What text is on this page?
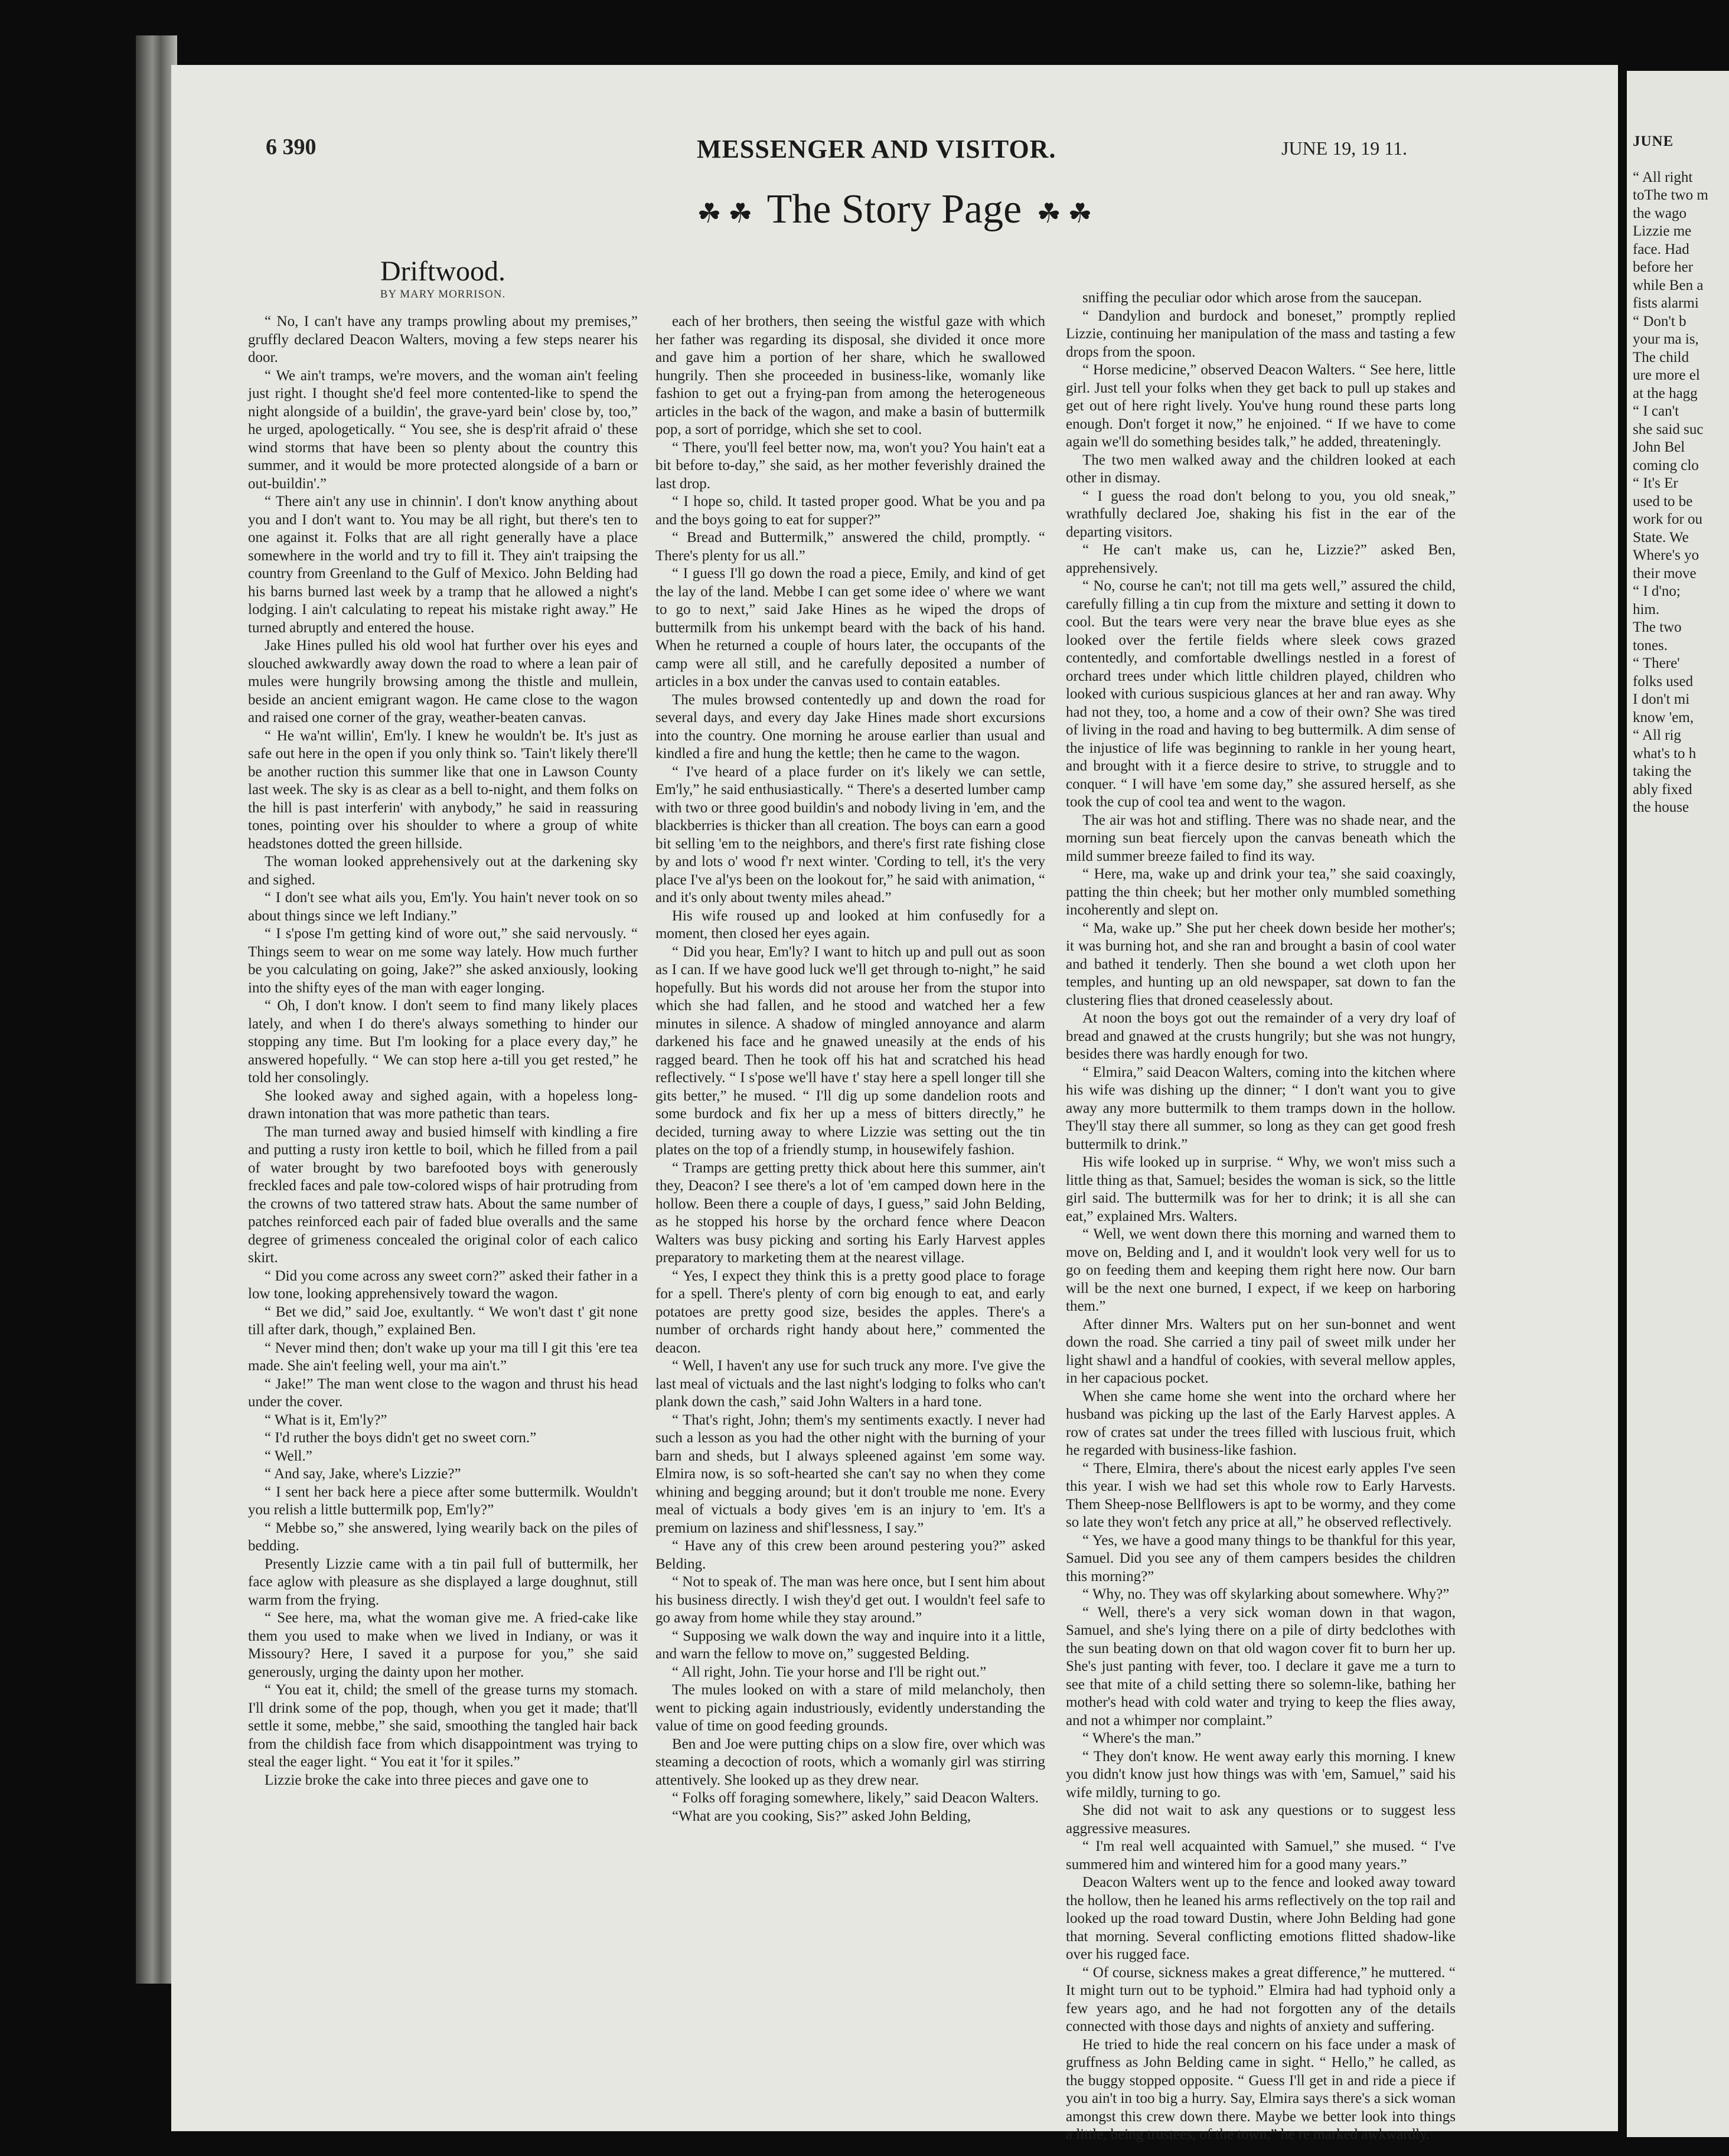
6 390	MESSENGER AND VISITOR.	JUNE 19, 19 11.
☘ ☘ The Story Page ☘ ☘
Driftwood.
BY MARY MORRISON.

“ No, I can't have any tramps prowling about my premises,” gruffly declared Deacon Walters, moving a few steps nearer his door.

“ We ain't tramps, we're movers, and the woman ain't feeling just right. I thought she'd feel more contented-like to spend the night alongside of a buildin', the grave-yard bein' close by, too,” he urged, apologetically. “ You see, she is desp'rit afraid o' these wind storms that have been so plenty about the country this summer, and it would be more protected alongside of a barn or out-buildin'.”

“ There ain't any use in chinnin'. I don't know anything about you and I don't want to. You may be all right, but there's ten to one against it. Folks that are all right generally have a place somewhere in the world and try to fill it. They ain't traipsing the country from Greenland to the Gulf of Mexico. John Belding had his barns burned last week by a tramp that he allowed a night's lodging. I ain't calculating to repeat his mistake right away.” He turned abruptly and entered the house.

Jake Hines pulled his old wool hat further over his eyes and slouched awkwardly away down the road to where a lean pair of mules were hungrily browsing among the thistle and mullein, beside an ancient emigrant wagon. He came close to the wagon and raised one corner of the gray, weather-beaten canvas.

“ He wa'nt willin', Em'ly. I knew he wouldn't be. It's just as safe out here in the open if you only think so. 'Tain't likely there'll be another ruction this summer like that one in Lawson County last week. The sky is as clear as a bell to-night, and them folks on the hill is past interferin' with anybody,” he said in reassuring tones, pointing over his shoulder to where a group of white headstones dotted the green hillside.

The woman looked apprehensively out at the darkening sky and sighed.

“ I don't see what ails you, Em'ly. You hain't never took on so about things since we left Indiany.”

“ I s'pose I'm getting kind of wore out,” she said nervously. “ Things seem to wear on me some way lately. How much further be you calculating on going, Jake?” she asked anxiously, looking into the shifty eyes of the man with eager longing.

“ Oh, I don't know. I don't seem to find many likely places lately, and when I do there's always something to hinder our stopping any time. But I'm looking for a place every day,” he answered hopefully. “ We can stop here a-till you get rested,” he told her consolingly.

She looked away and sighed again, with a hopeless long-drawn intonation that was more pathetic than tears.

The man turned away and busied himself with kindling a fire and putting a rusty iron kettle to boil, which he filled from a pail of water brought by two barefooted boys with generously freckled faces and pale tow-colored wisps of hair protruding from the crowns of two tattered straw hats. About the same number of patches reinforced each pair of faded blue overalls and the same degree of grimeness concealed the original color of each calico skirt.

“ Did you come across any sweet corn?” asked their father in a low tone, looking apprehensively toward the wagon.

“ Bet we did,” said Joe, exultantly. “ We won't dast t' git none till after dark, though,” explained Ben.

“ Never mind then; don't wake up your ma till I git this 'ere tea made. She ain't feeling well, your ma ain't.”

“ Jake!” The man went close to the wagon and thrust his head under the cover.

“ What is it, Em'ly?”

“ I'd ruther the boys didn't get no sweet corn.”

“ Well.”

“ And say, Jake, where's Lizzie?”

“ I sent her back here a piece after some buttermilk. Wouldn't you relish a little buttermilk pop, Em'ly?”

“ Mebbe so,” she answered, lying wearily back on the piles of bedding.

Presently Lizzie came with a tin pail full of buttermilk, her face aglow with pleasure as she displayed a large doughnut, still warm from the frying.

“ See here, ma, what the woman give me. A fried-cake like them you used to make when we lived in Indiany, or was it Missoury? Here, I saved it a purpose for you,” she said generously, urging the dainty upon her mother.

“ You eat it, child; the smell of the grease turns my stomach. I'll drink some of the pop, though, when you get it made; that'll settle it some, mebbe,” she said, smoothing the tangled hair back from the childish face from which disappointment was trying to steal the eager light. “ You eat it 'for it spiles.”

Lizzie broke the cake into three pieces and gave one to

each of her brothers, then seeing the wistful gaze with which her father was regarding its disposal, she divided it once more and gave him a portion of her share, which he swallowed hungrily. Then she proceeded in business-like, womanly like fashion to get out a frying-pan from among the heterogeneous articles in the back of the wagon, and make a basin of buttermilk pop, a sort of porridge, which she set to cool.

“ There, you'll feel better now, ma, won't you? You hain't eat a bit before to-day,” she said, as her mother feverishly drained the last drop.

“ I hope so, child. It tasted proper good. What be you and pa and the boys going to eat for supper?”

“ Bread and Buttermilk,” answered the child, promptly. “ There's plenty for us all.”

“ I guess I'll go down the road a piece, Emily, and kind of get the lay of the land. Mebbe I can get some idee o' where we want to go to next,” said Jake Hines as he wiped the drops of buttermilk from his unkempt beard with the back of his hand. When he returned a couple of hours later, the occupants of the camp were all still, and he carefully deposited a number of articles in a box under the canvas used to contain eatables.

The mules browsed contentedly up and down the road for several days, and every day Jake Hines made short excursions into the country. One morning he arouse earlier than usual and kindled a fire and hung the kettle; then he came to the wagon.

“ I've heard of a place furder on it's likely we can settle, Em'ly,” he said enthusiastically. “ There's a deserted lumber camp with two or three good buildin's and nobody living in 'em, and the blackberries is thicker than all creation. The boys can earn a good bit selling 'em to the neighbors, and there's first rate fishing close by and lots o' wood f'r next winter. 'Cording to tell, it's the very place I've al'ys been on the lookout for,” he said with animation, “ and it's only about twenty miles ahead.”

His wife roused up and looked at him confusedly for a moment, then closed her eyes again.

“ Did you hear, Em'ly? I want to hitch up and pull out as soon as I can. If we have good luck we'll get through to-night,” he said hopefully. But his words did not arouse her from the stupor into which she had fallen, and he stood and watched her a few minutes in silence. A shadow of mingled annoyance and alarm darkened his face and he gnawed uneasily at the ends of his ragged beard. Then he took off his hat and scratched his head reflectively. “ I s'pose we'll have t' stay here a spell longer till she gits better,” he mused. “ I'll dig up some dandelion roots and some burdock and fix her up a mess of bitters directly,” he decided, turning away to where Lizzie was setting out the tin plates on the top of a friendly stump, in housewifely fashion.

“ Tramps are getting pretty thick about here this summer, ain't they, Deacon? I see there's a lot of 'em camped down here in the hollow. Been there a couple of days, I guess,” said John Belding, as he stopped his horse by the orchard fence where Deacon Walters was busy picking and sorting his Early Harvest apples preparatory to marketing them at the nearest village.

“ Yes, I expect they think this is a pretty good place to forage for a spell. There's plenty of corn big enough to eat, and early potatoes are pretty good size, besides the apples. There's a number of orchards right handy about here,” commented the deacon.

“ Well, I haven't any use for such truck any more. I've give the last meal of victuals and the last night's lodging to folks who can't plank down the cash,” said John Walters in a hard tone.

“ That's right, John; them's my sentiments exactly. I never had such a lesson as you had the other night with the burning of your barn and sheds, but I always spleened against 'em some way. Elmira now, is so soft-hearted she can't say no when they come whining and begging around; but it don't trouble me none. Every meal of victuals a body gives 'em is an injury to 'em. It's a premium on laziness and shif'lessness, I say.”

“ Have any of this crew been around pestering you?” asked Belding.

“ Not to speak of. The man was here once, but I sent him about his business directly. I wish they'd get out. I wouldn't feel safe to go away from home while they stay around.”

“ Supposing we walk down the way and inquire into it a little, and warn the fellow to move on,” suggested Belding.

“ All right, John. Tie your horse and I'll be right out.”

The mules looked on with a stare of mild melancholy, then went to picking again industriously, evidently understanding the value of time on good feeding grounds.

Ben and Joe were putting chips on a slow fire, over which was steaming a decoction of roots, which a womanly girl was stirring attentively. She looked up as they drew near.

“ Folks off foraging somewhere, likely,” said Deacon Walters.

“What are you cooking, Sis?” asked John Belding,

sniffing the peculiar odor which arose from the saucepan.

“ Dandylion and burdock and boneset,” promptly replied Lizzie, continuing her manipulation of the mass and tasting a few drops from the spoon.

“ Horse medicine,” observed Deacon Walters. “ See here, little girl. Just tell your folks when they get back to pull up stakes and get out of here right lively. You've hung round these parts long enough. Don't forget it now,” he enjoined. “ If we have to come again we'll do something besides talk,” he added, threateningly.

The two men walked away and the children looked at each other in dismay.

“ I guess the road don't belong to you, you old sneak,” wrathfully declared Joe, shaking his fist in the ear of the departing visitors.

“ He can't make us, can he, Lizzie?” asked Ben, apprehensively.

“ No, course he can't; not till ma gets well,” assured the child, carefully filling a tin cup from the mixture and setting it down to cool. But the tears were very near the brave blue eyes as she looked over the fertile fields where sleek cows grazed contentedly, and comfortable dwellings nestled in a forest of orchard trees under which little children played, children who looked with curious suspicious glances at her and ran away. Why had not they, too, a home and a cow of their own? She was tired of living in the road and having to beg buttermilk. A dim sense of the injustice of life was beginning to rankle in her young heart, and brought with it a fierce desire to strive, to struggle and to conquer. “ I will have 'em some day,” she assured herself, as she took the cup of cool tea and went to the wagon.

The air was hot and stifling. There was no shade near, and the morning sun beat fiercely upon the canvas beneath which the mild summer breeze failed to find its way.

“ Here, ma, wake up and drink your tea,” she said coaxingly, patting the thin cheek; but her mother only mumbled something incoherently and slept on.

“ Ma, wake up.” She put her cheek down beside her mother's; it was burning hot, and she ran and brought a basin of cool water and bathed it tenderly. Then she bound a wet cloth upon her temples, and hunting up an old newspaper, sat down to fan the clustering flies that droned ceaselessly about.

At noon the boys got out the remainder of a very dry loaf of bread and gnawed at the crusts hungrily; but she was not hungry, besides there was hardly enough for two.

“ Elmira,” said Deacon Walters, coming into the kitchen where his wife was dishing up the dinner; “ I don't want you to give away any more buttermilk to them tramps down in the hollow. They'll stay there all summer, so long as they can get good fresh buttermilk to drink.”

His wife looked up in surprise. “ Why, we won't miss such a little thing as that, Samuel; besides the woman is sick, so the little girl said. The buttermilk was for her to drink; it is all she can eat,” explained Mrs. Walters.

“ Well, we went down there this morning and warned them to move on, Belding and I, and it wouldn't look very well for us to go on feeding them and keeping them right here now. Our barn will be the next one burned, I expect, if we keep on harboring them.”

After dinner Mrs. Walters put on her sun-bonnet and went down the road. She carried a tiny pail of sweet milk under her light shawl and a handful of cookies, with several mellow apples, in her capacious pocket.

When she came home she went into the orchard where her husband was picking up the last of the Early Harvest apples. A row of crates sat under the trees filled with luscious fruit, which he regarded with business-like fashion.

“ There, Elmira, there's about the nicest early apples I've seen this year. I wish we had set this whole row to Early Harvests. Them Sheep-nose Bellflowers is apt to be wormy, and they come so late they won't fetch any price at all,” he observed reflectively.

“ Yes, we have a good many things to be thankful for this year, Samuel. Did you see any of them campers besides the children this morning?”

“ Why, no. They was off skylarking about somewhere. Why?”

“ Well, there's a very sick woman down in that wagon, Samuel, and she's lying there on a pile of dirty bedclothes with the sun beating down on that old wagon cover fit to burn her up. She's just panting with fever, too. I declare it gave me a turn to see that mite of a child setting there so solemn-like, bathing her mother's head with cold water and trying to keep the flies away, and not a whimper nor complaint.”

“ Where's the man.”

“ They don't know. He went away early this morning. I knew you didn't know just how things was with 'em, Samuel,” said his wife mildly, turning to go.

She did not wait to ask any questions or to suggest less aggressive measures.

“ I'm real well acquainted with Samuel,” she mused. “ I've summered him and wintered him for a good many years.”

Deacon Walters went up to the fence and looked away toward the hollow, then he leaned his arms reflectively on the top rail and looked up the road toward Dustin, where John Belding had gone that morning. Several conflicting emotions flitted shadow-like over his rugged face.

“ Of course, sickness makes a great difference,” he muttered. “ It might turn out to be typhoid.” Elmira had had typhoid only a few years ago, and he had not forgotten any of the details connected with those days and nights of anxiety and suffering.

He tried to hide the real concern on his face under a mask of gruffness as John Belding came in sight. “ Hello,” he called, as the buggy stopped opposite. “ Guess I'll get in and ride a piece if you ain't in too big a hurry. Say, Elmira says there's a sick woman amongst this crew down there. Maybe we better look into things a little, being trustees, of the town,” he re marked awkwardly.

JUNE
“ All right
toThe two m
the wago
Lizzie me
face. Had
before her
while Ben a
fists alarmi
“ Don't b
your ma is,
The child
ure more el
at the hagg
“ I can't
she said suc
John Bel
coming clo
“ It's Er
used to be
work for ou
State. We
Where's yo
their move
“ I d'no;
him.
The two
tones.
“ There'
folks used
I don't mi
know 'em,
“ All rig
what's to h
taking the
ably fixed
the house
